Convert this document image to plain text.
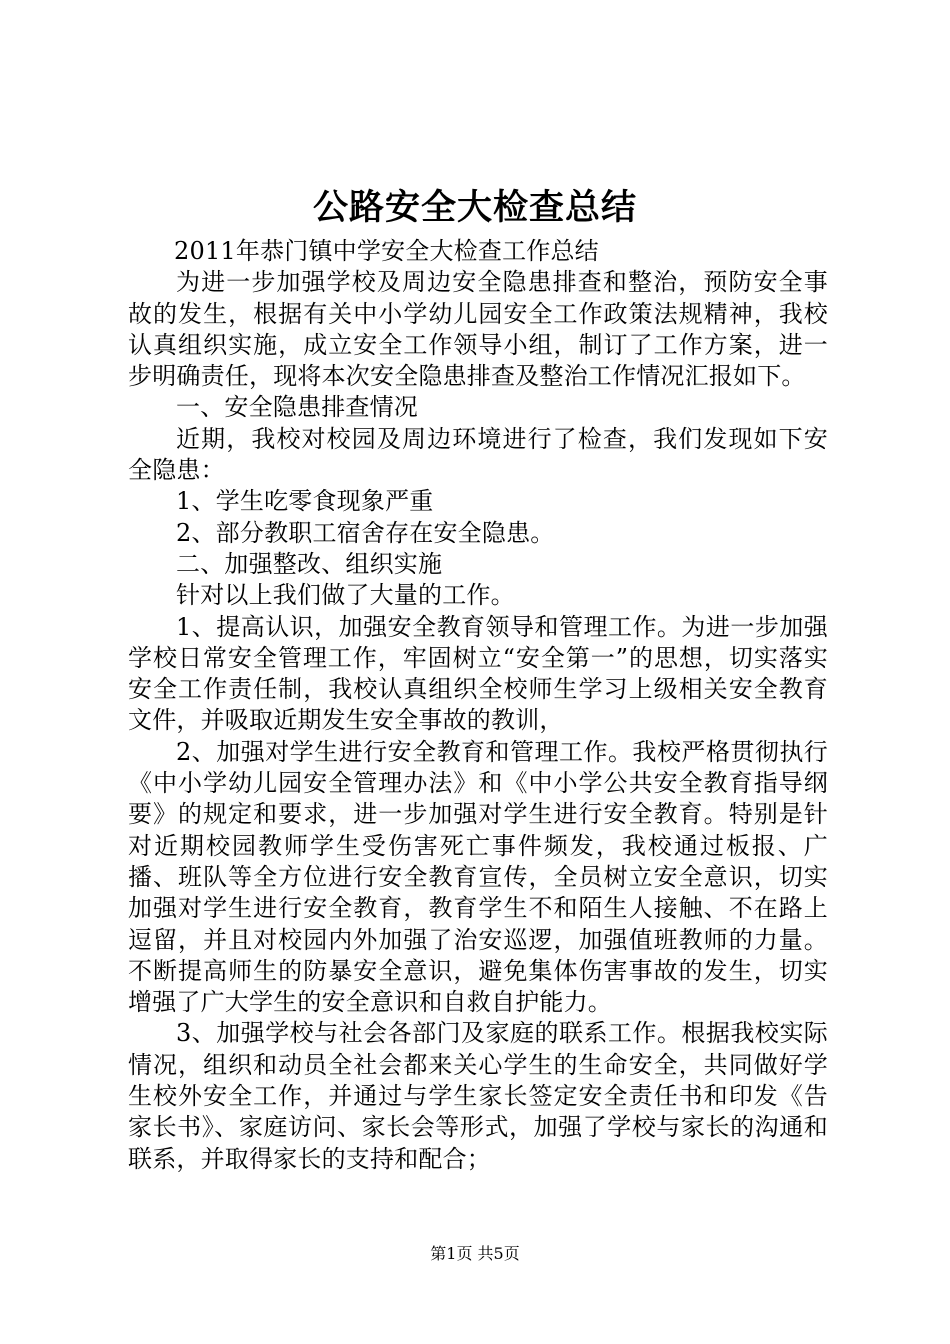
公路安全大检查总结

2011年恭门镇中学安全大检查工作总结

为进一步加强学校及周边安全隐患排查和整治，预防安全事故的发生，根据有关中小学幼儿园安全工作政策法规精神，我校认真组织实施，成立安全工作领导小组，制订了工作方案，进一步明确责任，现将本次安全隐患排查及整治工作情况汇报如下。

一、安全隐患排查情况

近期，我校对校园及周边环境进行了检查，我们发现如下安全隐患：

1、学生吃零食现象严重

2、部分教职工宿舍存在安全隐患。

二、加强整改、组织实施

针对以上我们做了大量的工作。

1、提高认识，加强安全教育领导和管理工作。为进一步加强学校日常安全管理工作，牢固树立“安全第一”的思想，切实落实安全工作责任制，我校认真组织全校师生学习上级相关安全教育文件，并吸取近期发生安全事故的教训，

2、加强对学生进行安全教育和管理工作。我校严格贯彻执行《中小学幼儿园安全管理办法》和《中小学公共安全教育指导纲要》的规定和要求，进一步加强对学生进行安全教育。特别是针对近期校园教师学生受伤害死亡事件频发，我校通过板报、广播、班队等全方位进行安全教育宣传，全员树立安全意识，切实加强对学生进行安全教育，教育学生不和陌生人接触、不在路上逗留，并且对校园内外加强了治安巡逻，加强值班教师的力量。不断提高师生的防暴安全意识，避免集体伤害事故的发生，切实增强了广大学生的安全意识和自救自护能力。

3、加强学校与社会各部门及家庭的联系工作。根据我校实际情况，组织和动员全社会都来关心学生的生命安全，共同做好学生校外安全工作，并通过与学生家长签定安全责任书和印发《告家长书》、家庭访问、家长会等形式，加强了学校与家长的沟通和联系，并取得家长的支持和配合；

第1页 共5页
